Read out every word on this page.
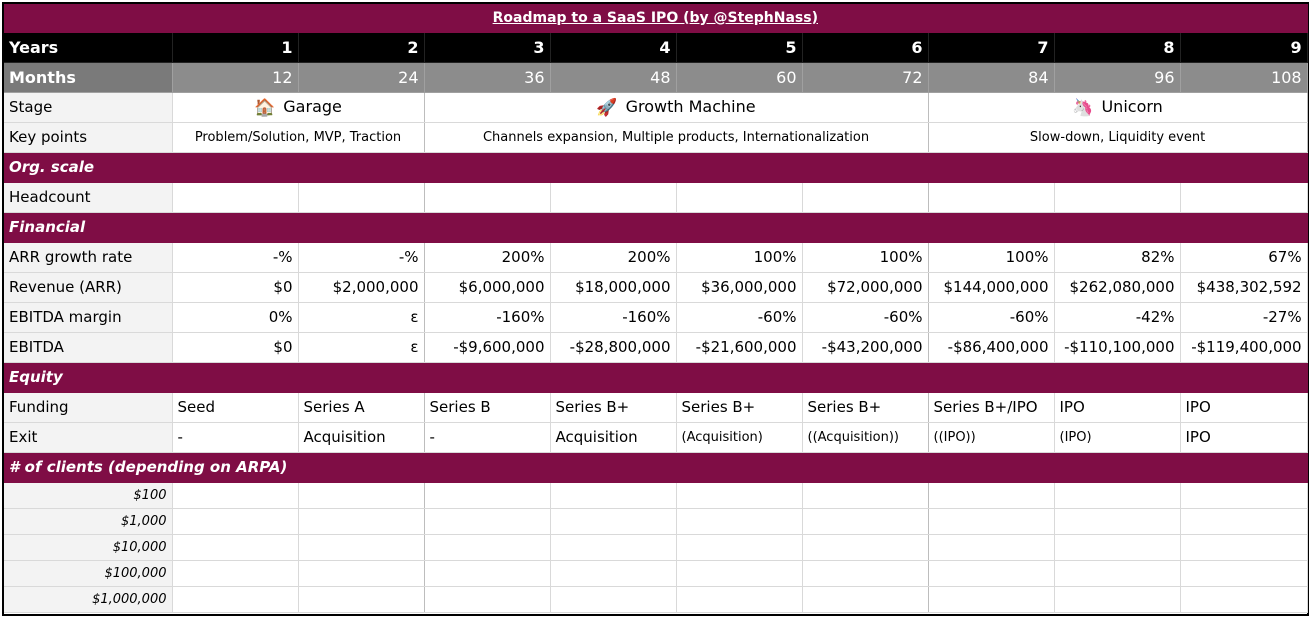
Roadmap to a SaaS IPO (by @StephNass)									
Years	1	2	3	4	5	6	7	8	9
Months	12	24	36	48	60	72	84	96	108
Stage	🏠 Garage		🚀 Growth Machine				🦄 Unicorn		
Key points	Problem/Solution, MVP, Traction		Channels expansion, Multiple products, Internationalization				Slow-down, Liquidity event		
Org. scale									
Headcount									
Financial									
ARR growth rate	-%	-%	200%	200%	100%	100%	100%	82%	67%
Revenue (ARR)	$0	$2,000,000	$6,000,000	$18,000,000	$36,000,000	$72,000,000	$144,000,000	$262,080,000	$438,302,592
EBITDA margin	0%	ε	-160%	-160%	-60%	-60%	-60%	-42%	-27%
EBITDA	$0	ε	-$9,600,000	-$28,800,000	-$21,600,000	-$43,200,000	-$86,400,000	-$110,100,000	-$119,400,000
Equity									
Funding	Seed	Series A	Series B	Series B+	Series B+	Series B+	Series B+/IPO	IPO	IPO
Exit	-	Acquisition	-	Acquisition	(Acquisition)	((Acquisition))	((IPO))	(IPO)	IPO
# of clients (depending on ARPA)									
$100									
$1,000									
$10,000									
$100,000									
$1,000,000									
